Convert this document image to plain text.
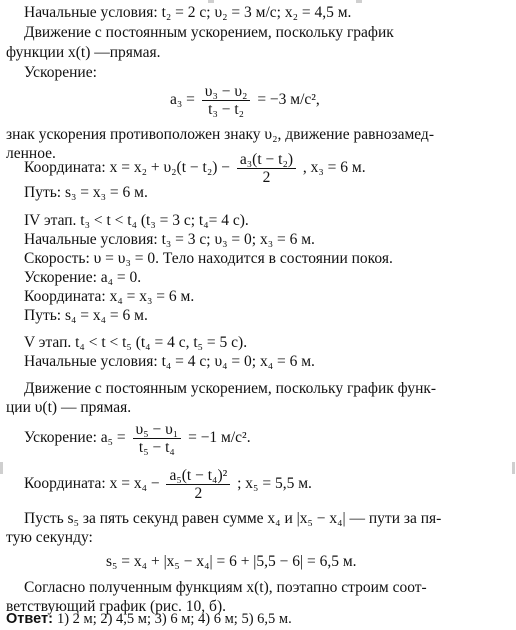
Начальные условия: t₂ = 2 с; υ₂ = 3 м/с; x₂ = 4,5 м.
Движение с постоянным ускорением, поскольку график
функции x(t) —прямая.
Ускорение:
$a_3 = \frac{\text{υ₃ − υ₂}}{\text{t₃ − t₂}} = -3$ м/с²,
знак ускорения противоположен знаку υ₂, движение равнозамед-
ленное.
Координата: $x = x_2 + \upsilon_2(t - t_2) - \frac{\text{a₃(t − t₂)}}{2}$ , x₃ = 6 м.
Путь: s₃ = x₃ = 6 м.
IV этап. t₃ < t < t₄ (t₃ = 3 с; t₄= 4 с).
Начальные условия: t₃ = 3 с; υ₃ = 0; x₃ = 6 м.
Скорость: υ = υ₃ = 0. Тело находится в состоянии покоя.
Ускорение: a₄ = 0.
Координата: x₄ = x₃ = 6 м.
Путь: s₄ = x₄ = 6 м.
V этап. t₄ < t < t₅ (t₄ = 4 с, t₅ = 5 с).
Начальные условия: t₄ = 4 с; υ₄ = 0; x₄ = 6 м.
Движение с постоянным ускорением, поскольку график функ-
ции υ(t) — прямая.
Ускорение: $a_5 = \frac{\text{υ₅ − υ₁}}{\text{t₅ − t₄}} = -1$ м/с².
Координата: $x = x_4 - \frac{\text{a₅(t − t₄)²}}{2}$ ; x₅ = 5,5 м.
Пусть s₅ за пять секунд равен сумме x₄ и |x₅ − x₄| — пути за пя-
тую секунду:
s₅ = x₄ + |x₅ − x₄| = 6 + |5,5 − 6| = 6,5 м.
Согласно полученным функциям x(t), поэтапно строим соот-
ветствующий график (рис. 10, б).
Ответ: 1) 2 м; 2) 4,5 м; 3) 6 м; 4) 6 м; 5) 6,5 м.
